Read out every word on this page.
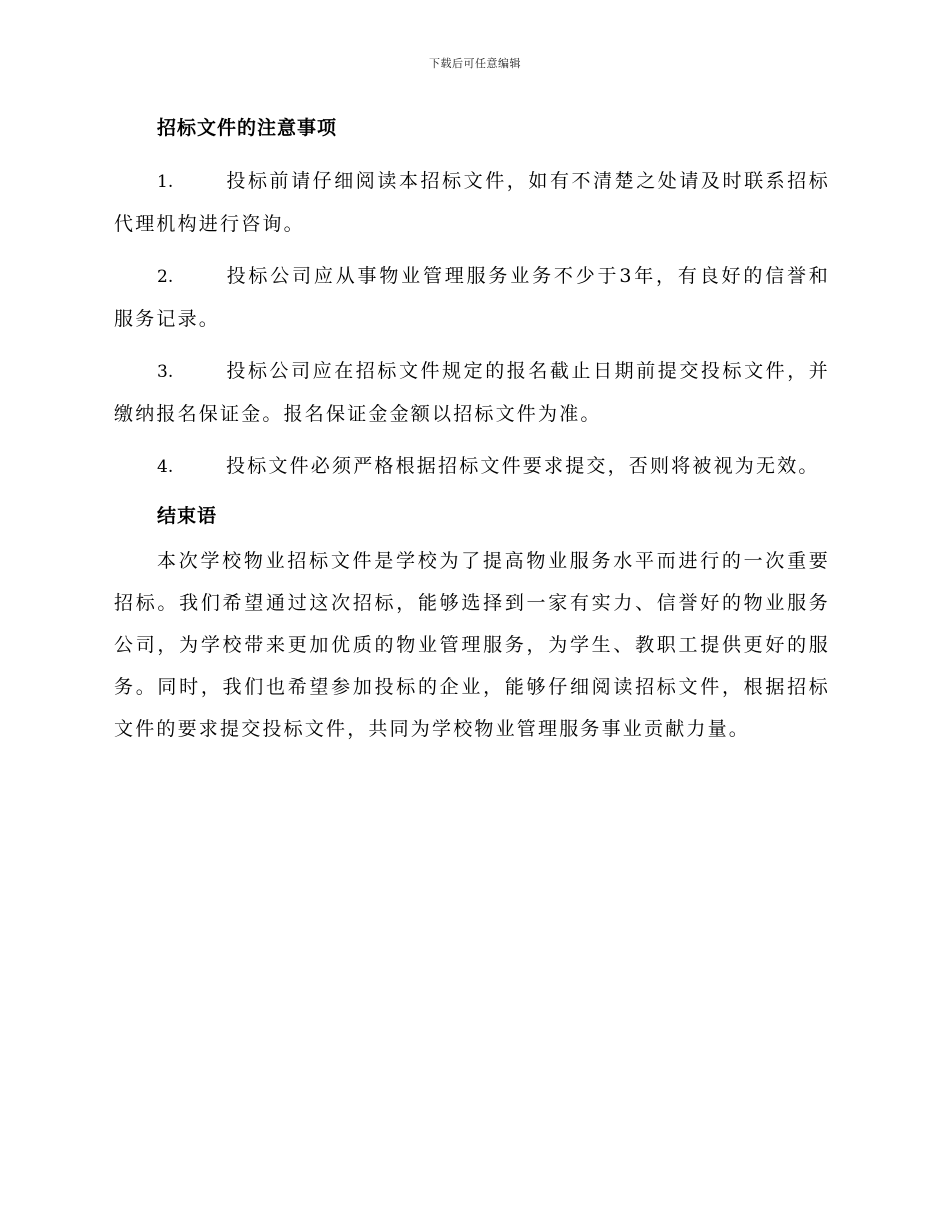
下载后可任意编辑
招标文件的注意事项
1.	投标前请仔细阅读本招标文件，如有不清楚之处请及时联系招标代理机构进行咨询。
2.	投标公司应从事物业管理服务业务不少于3年，有良好的信誉和服务记录。
3.	投标公司应在招标文件规定的报名截止日期前提交投标文件，并缴纳报名保证金。报名保证金金额以招标文件为准。
4.	投标文件必须严格根据招标文件要求提交，否则将被视为无效。
结束语
本次学校物业招标文件是学校为了提高物业服务水平而进行的一次重要招标。我们希望通过这次招标，能够选择到一家有实力、信誉好的物业服务公司，为学校带来更加优质的物业管理服务，为学生、教职工提供更好的服务。同时，我们也希望参加投标的企业，能够仔细阅读招标文件，根据招标文件的要求提交投标文件，共同为学校物业管理服务事业贡献力量。
